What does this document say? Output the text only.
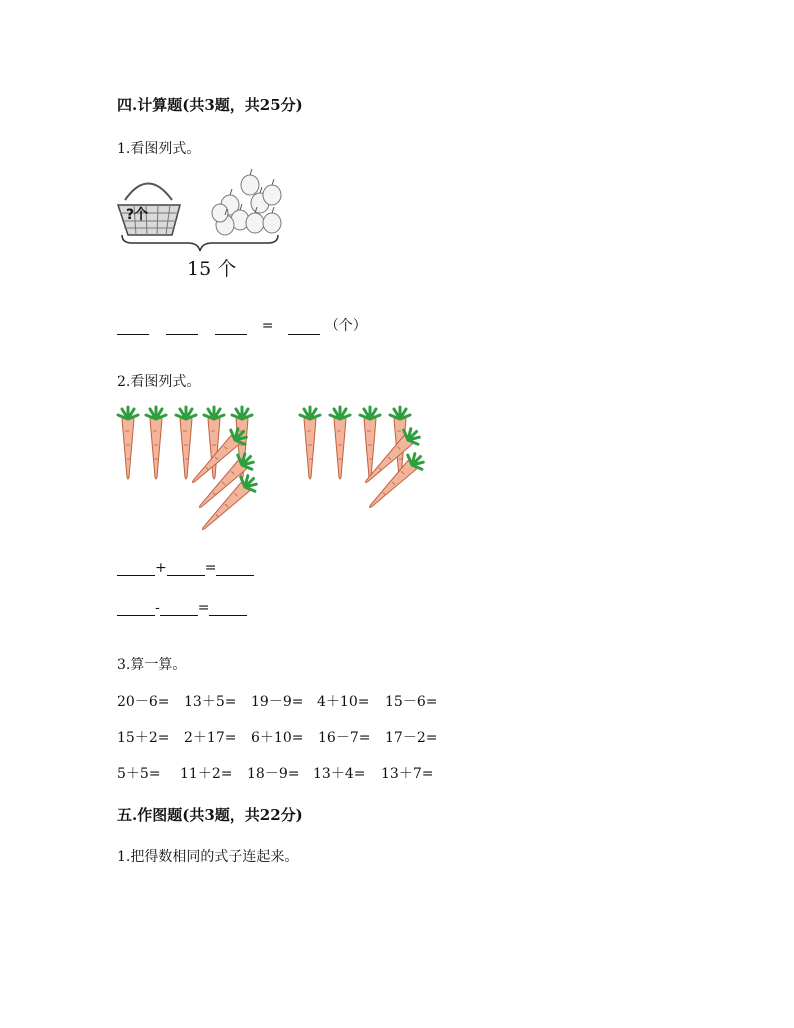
四.计算题(共3题，共25分)
1.看图列式。
?个
15 个
=	（个）
2.看图列式。
+	=
-	=
3.算一算。
20－6= 13＋5= 19－9= 4＋10= 15－6=
15＋2= 2＋17= 6＋10= 16－7= 17－2=
5＋5= 11＋2= 18－9= 13＋4= 13＋7=
五.作图题(共3题，共22分)
1.把得数相同的式子连起来。
